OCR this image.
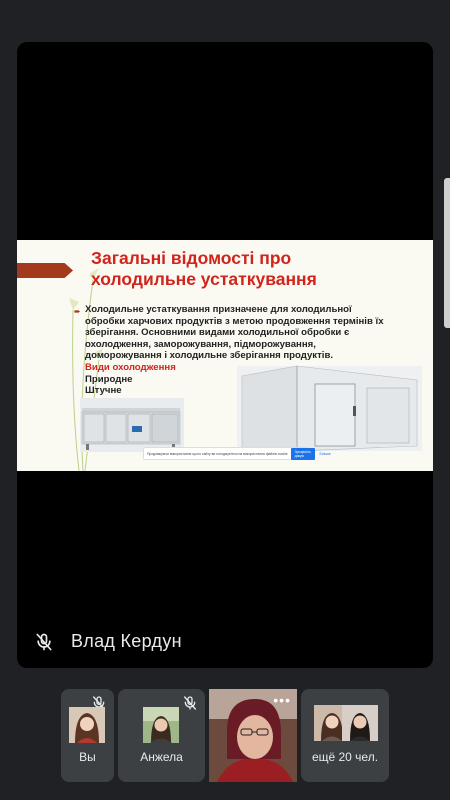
Загальні відомості про
холодильне устаткування
➨ Холодильне устаткування призначене для холодильної
обробки харчових продуктів з метою продовження термінів їх
зберігання. Основними видами холодильної обробки є
охолодження, заморожування, підморожування,
доморожування і холодильне зберігання продуктів.
Види охолодження
Природне
Штучне
Продовжуючи використання цього сайту ви погоджуєтеся на використання файлів cookie	Зрозуміло, дякую	Більше
Влад Кердун
Вы	Анжела
•••
ещё 20 чел.
